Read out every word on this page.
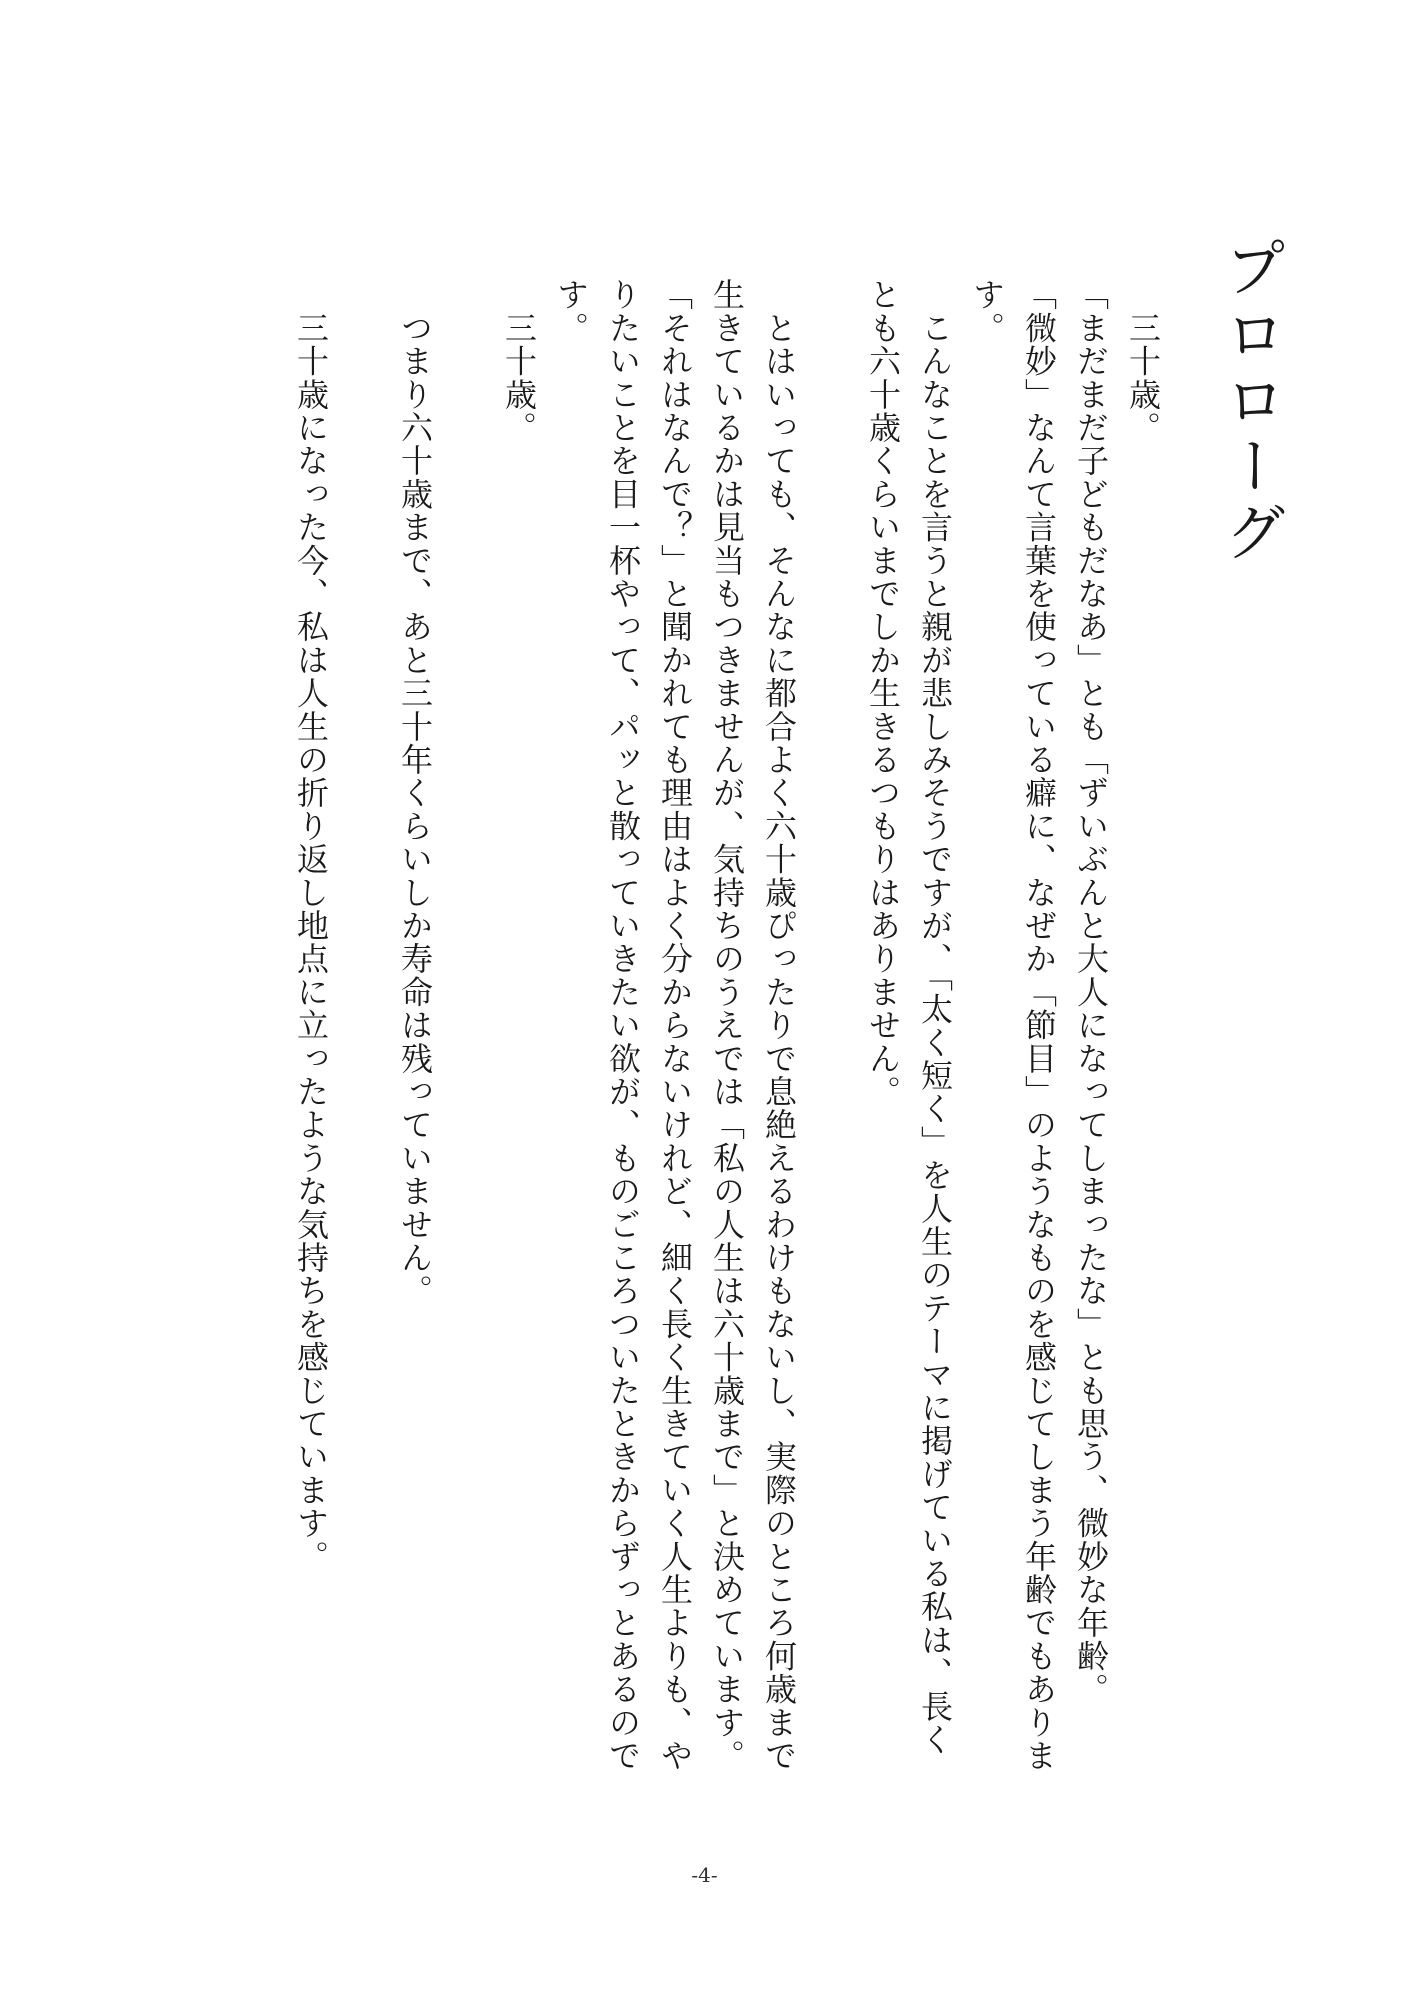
プロローグ

　三十歳。

「まだまだ子どもだなあ」とも「ずいぶんと大人になってしまったな」とも思う、微妙な年齢。

「微妙」なんて言葉を使っている癖に、なぜか「節目」のようなものを感じてしまう年齢でもあります。

　こんなことを言うと親が悲しみそうですが、「太く短く」を人生のテーマに掲げている私は、長くとも六十歳くらいまでしか生きるつもりはありません。

　とはいっても、そんなに都合よく六十歳ぴったりで息絶えるわけもないし、実際のところ何歳まで生きているかは見当もつきませんが、気持ちのうえでは「私の人生は六十歳まで」と決めています。

「それはなんで？」と聞かれても理由はよく分からないけれど、細く長く生きていく人生よりも、やりたいことを目一杯やって、パッと散っていきたい欲が、ものごころついたときからずっとあるのです。

　三十歳。

　つまり六十歳まで、あと三十年くらいしか寿命は残っていません。

　三十歳になった今、私は人生の折り返し地点に立ったような気持ちを感じています。

-4-
